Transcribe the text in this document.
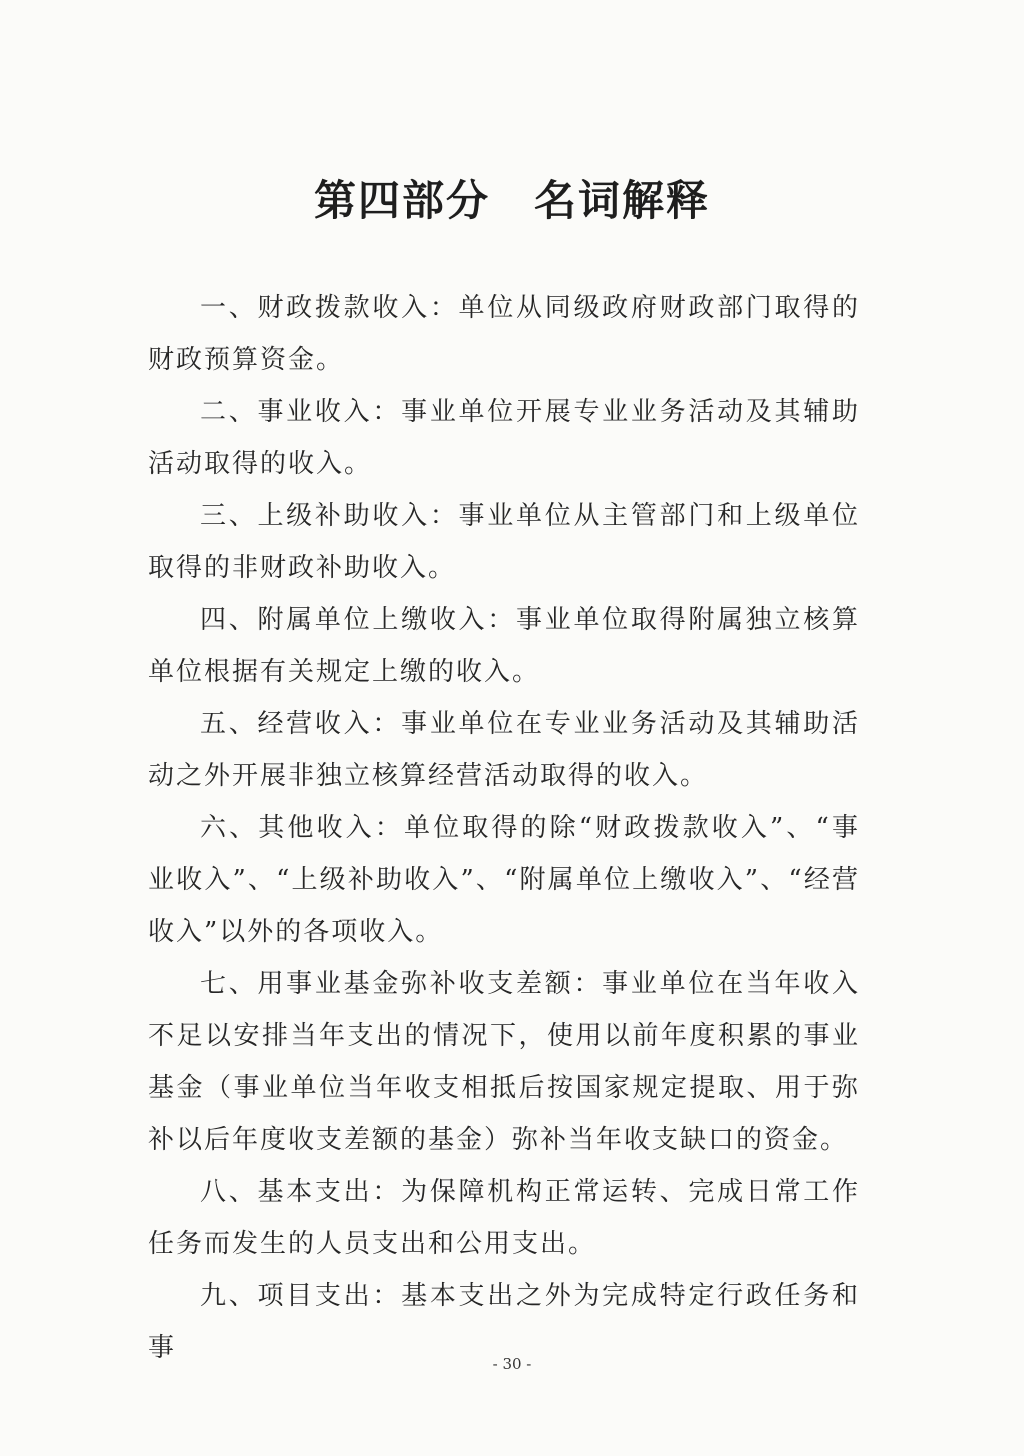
第四部分　名词解释

一、财政拨款收入：单位从同级政府财政部门取得的财政预算资金。

二、事业收入：事业单位开展专业业务活动及其辅助活动取得的收入。

三、上级补助收入：事业单位从主管部门和上级单位取得的非财政补助收入。

四、附属单位上缴收入：事业单位取得附属独立核算单位根据有关规定上缴的收入。

五、经营收入：事业单位在专业业务活动及其辅助活动之外开展非独立核算经营活动取得的收入。

六、其他收入：单位取得的除“财政拨款收入”、“事业收入”、“上级补助收入”、“附属单位上缴收入”、“经营收入”以外的各项收入。

七、用事业基金弥补收支差额：事业单位在当年收入不足以安排当年支出的情况下，使用以前年度积累的事业基金（事业单位当年收支相抵后按国家规定提取、用于弥补以后年度收支差额的基金）弥补当年收支缺口的资金。

八、基本支出：为保障机构正常运转、完成日常工作任务而发生的人员支出和公用支出。

九、项目支出：基本支出之外为完成特定行政任务和事

- 30 -
